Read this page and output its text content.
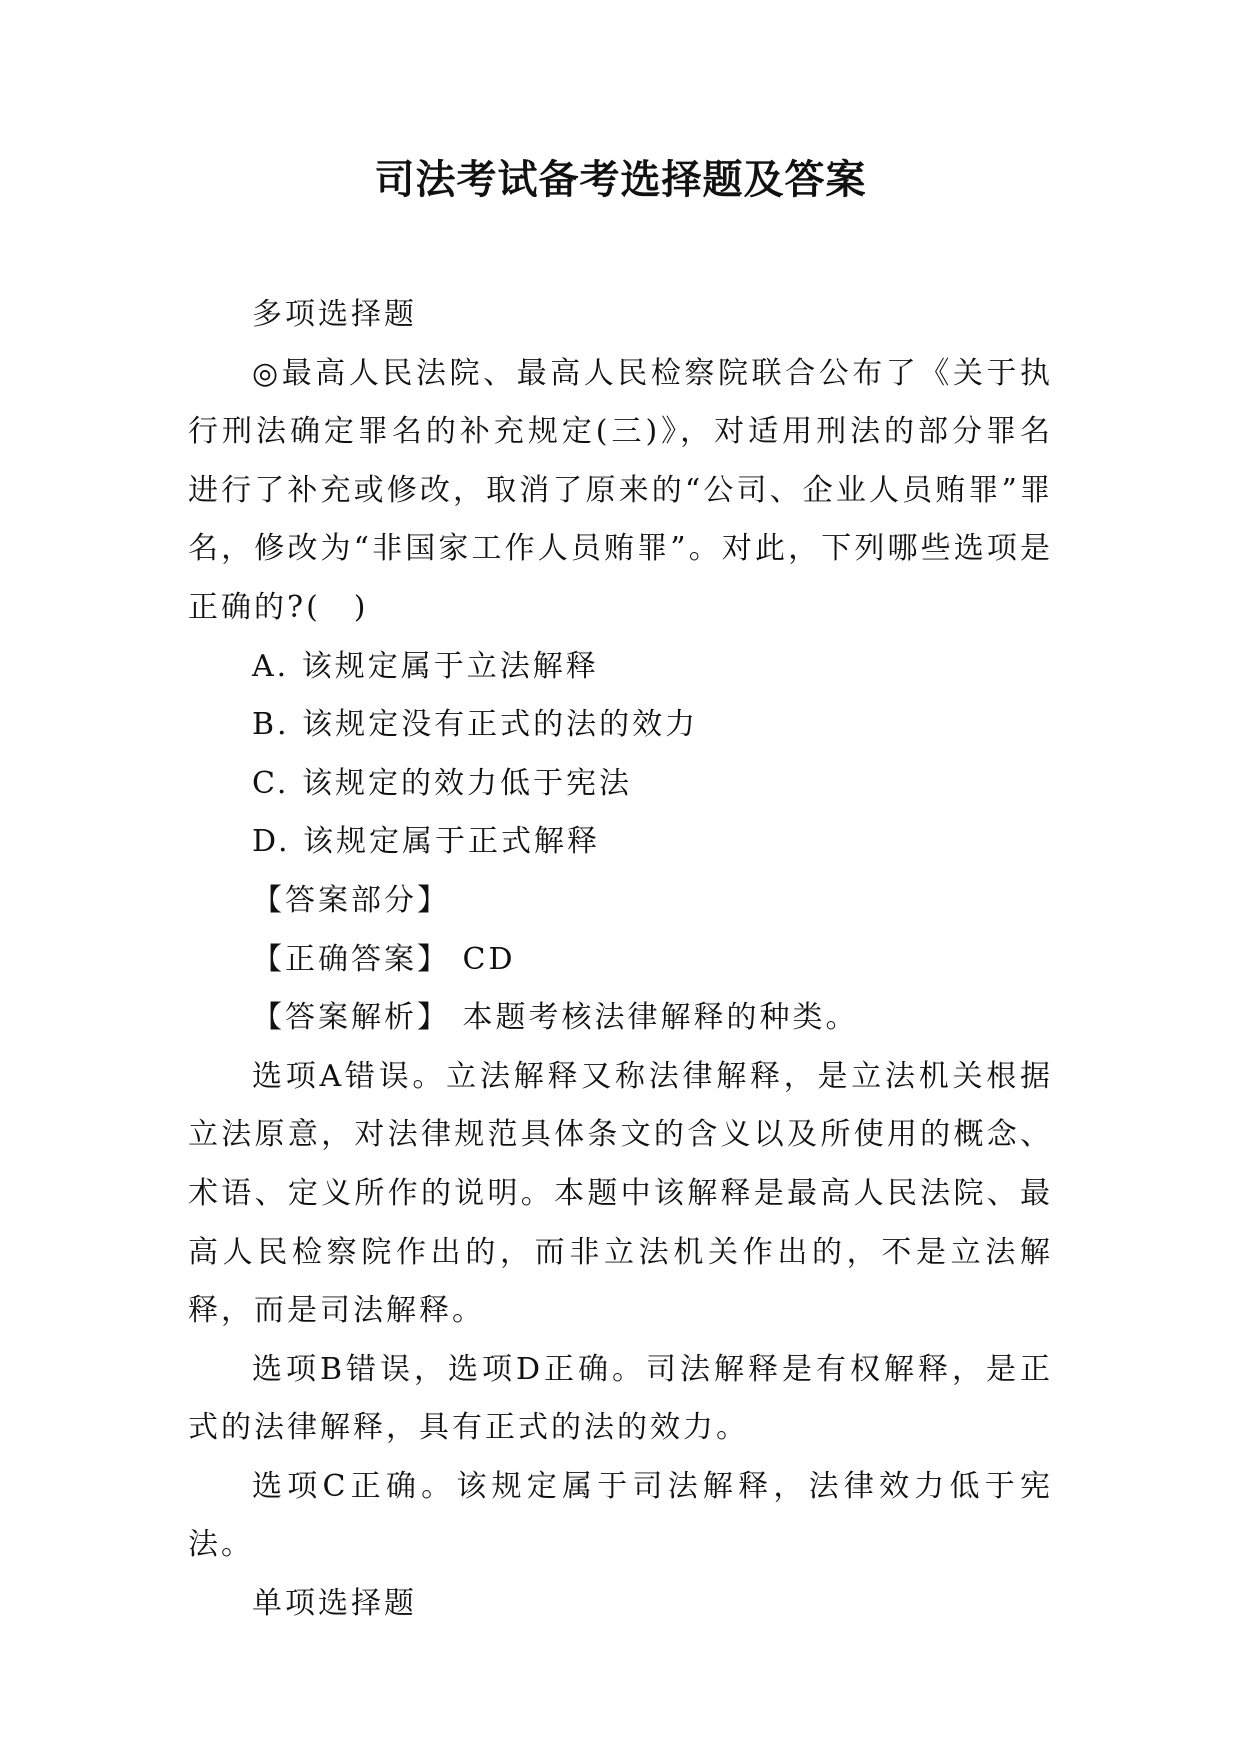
司法考试备考选择题及答案

多项选择题

◎最高人民法院、最高人民检察院联合公布了《关于执行刑法确定罪名的补充规定(三)》，对适用刑法的部分罪名进行了补充或修改，取消了原来的“公司、企业人员贿罪”罪名，修改为“非国家工作人员贿罪”。对此，下列哪些选项是正确的?(　)

A. 该规定属于立法解释

B. 该规定没有正式的法的效力

C. 该规定的效力低于宪法

D. 该规定属于正式解释

【答案部分】

【正确答案】 CD

【答案解析】 本题考核法律解释的种类。

选项A错误。立法解释又称法律解释，是立法机关根据立法原意，对法律规范具体条文的含义以及所使用的概念、术语、定义所作的说明。本题中该解释是最高人民法院、最高人民检察院作出的，而非立法机关作出的，不是立法解释，而是司法解释。

选项B错误，选项D正确。司法解释是有权解释，是正式的法律解释，具有正式的法的效力。

选项C正确。该规定属于司法解释，法律效力低于宪法。

单项选择题
